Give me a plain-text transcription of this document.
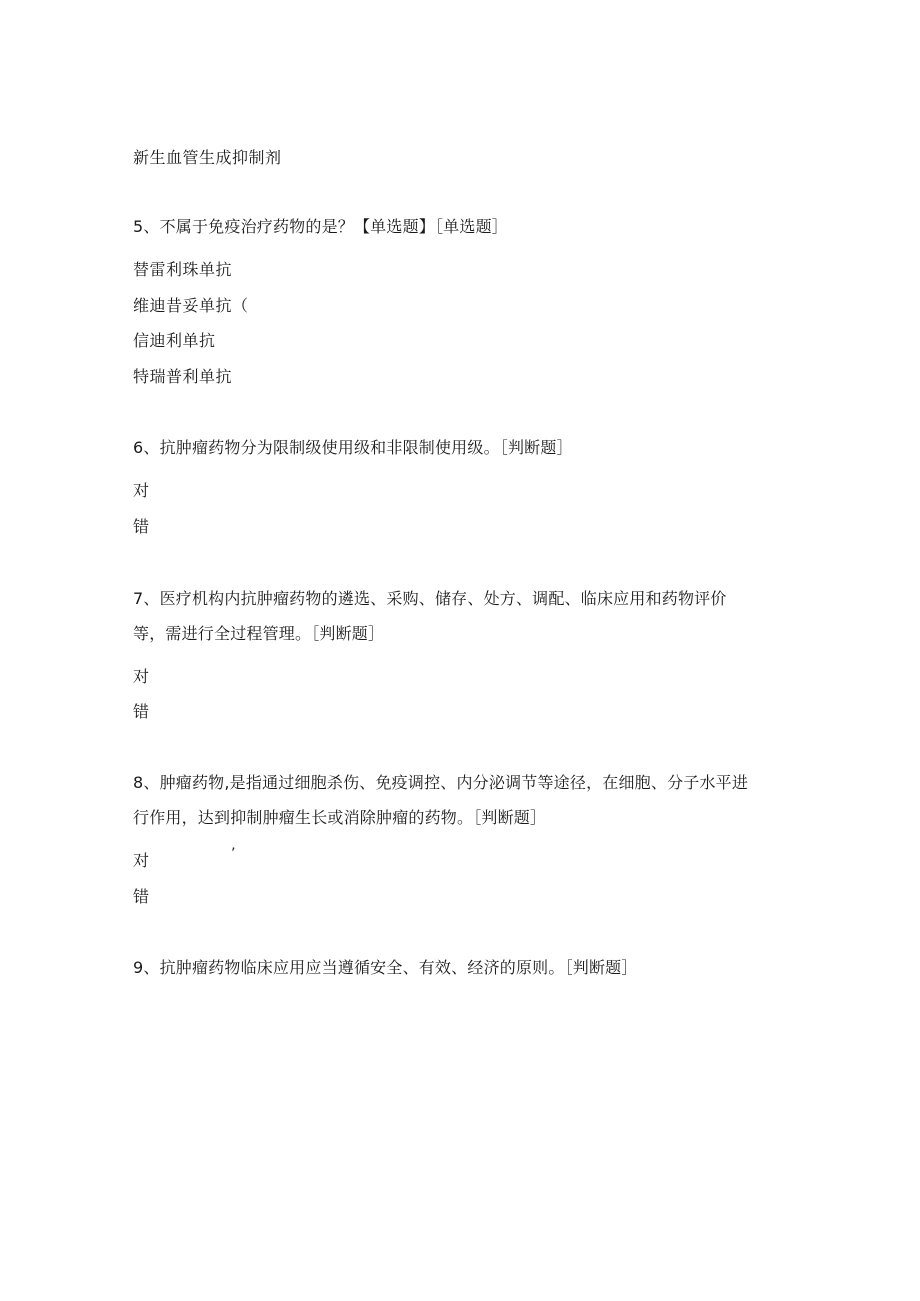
新生血管生成抑制剂
5、不属于免疫治疗药物的是？【单选题】［单选题］
替雷利珠单抗
维迪昔妥单抗（
信迪利单抗
特瑞普利单抗
6、抗肿瘤药物分为限制级使用级和非限制使用级。［判断题］
对
错
7、医疗机构内抗肿瘤药物的遴选、采购、储存、处方、调配、临床应用和药物评价
等，需进行全过程管理。［判断题］
对
错
8、肿瘤药物,是指通过细胞杀伤、免疫调控、内分泌调节等途径，在细胞、分子水平进
行作用，达到抑制肿瘤生长或消除肿瘤的药物。［判断题］
对	’
错
9、抗肿瘤药物临床应用应当遵循安全、有效、经济的原则。［判断题］
